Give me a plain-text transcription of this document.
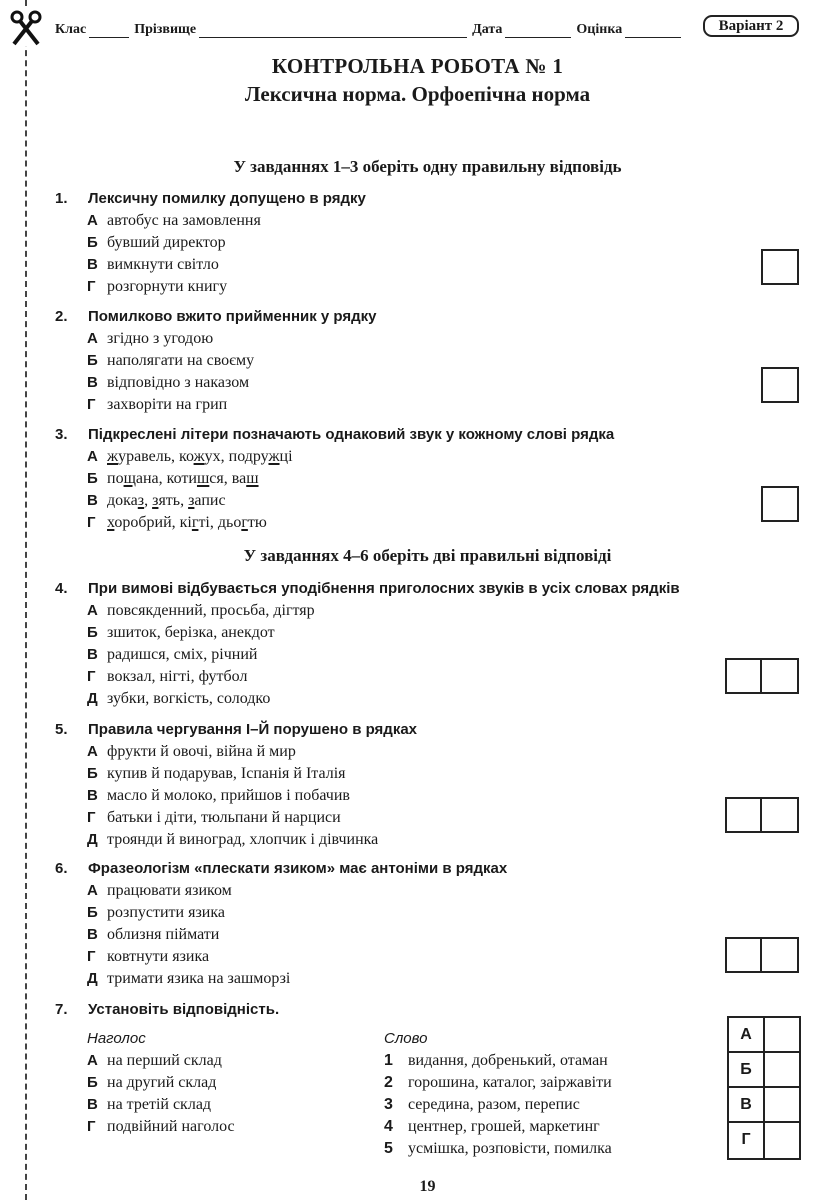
Клас	Прізвище	Дата	Оцінка	Варіант 2
КОНТРОЛЬНА РОБОТА № 1
Лексична норма. Орфоепічна норма
У завданнях 1–3 оберіть одну правильну відповідь
1.	Лексичну помилку допущено в рядку
А автобус на замовлення
Б бувший директор
В вимкнути світло
Г розгорнути книгу
2.	Помилково вжито прийменник у рядку
А згідно з угодою
Б наполягати на своєму
В відповідно з наказом
Г захворіти на грип
3.	Підкреслені літери позначають однаковий звук у кожному слові рядка
А журавель, кожух, подружці
Б пощана, котишся, ваш
В доказ, зять, запис
Г хоробрий, кігті, дьогтю
У завданнях 4–6 оберіть дві правильні відповіді
4.	При вимові відбувається уподібнення приголосних звуків в усіх словах рядків
А повсякденний, просьба, дігтяр
Б зшиток, берізка, анекдот
В радишся, сміх, річний
Г вокзал, нігті, футбол
Д зубки, вогкість, солодко
5.	Правила чергування І–Й порушено в рядках
А фрукти й овочі, війна й мир
Б купив й подарував, Іспанія й Італія
В масло й молоко, прийшов і побачив
Г батьки і діти, тюльпани й нарциси
Д троянди й виноград, хлопчик і дівчинка
6.	Фразеологізм «плескати язиком» має антоніми в рядках
А працювати язиком
Б розпустити язика
В облизня піймати
Г ковтнути язика
Д тримати язика на зашморзі
7.	Установіть відповідність.
Наголос
А на перший склад
Б на другий склад
В на третій склад
Г подвійний наголос
Слово
1 видання, добренький, отаман
2 горошина, каталог, заіржавіти
3 середина, разом, перепис
4 центнер, грошей, маркетинг
5 усмішка, розповісти, помилка
А
Б
В
Г
19
